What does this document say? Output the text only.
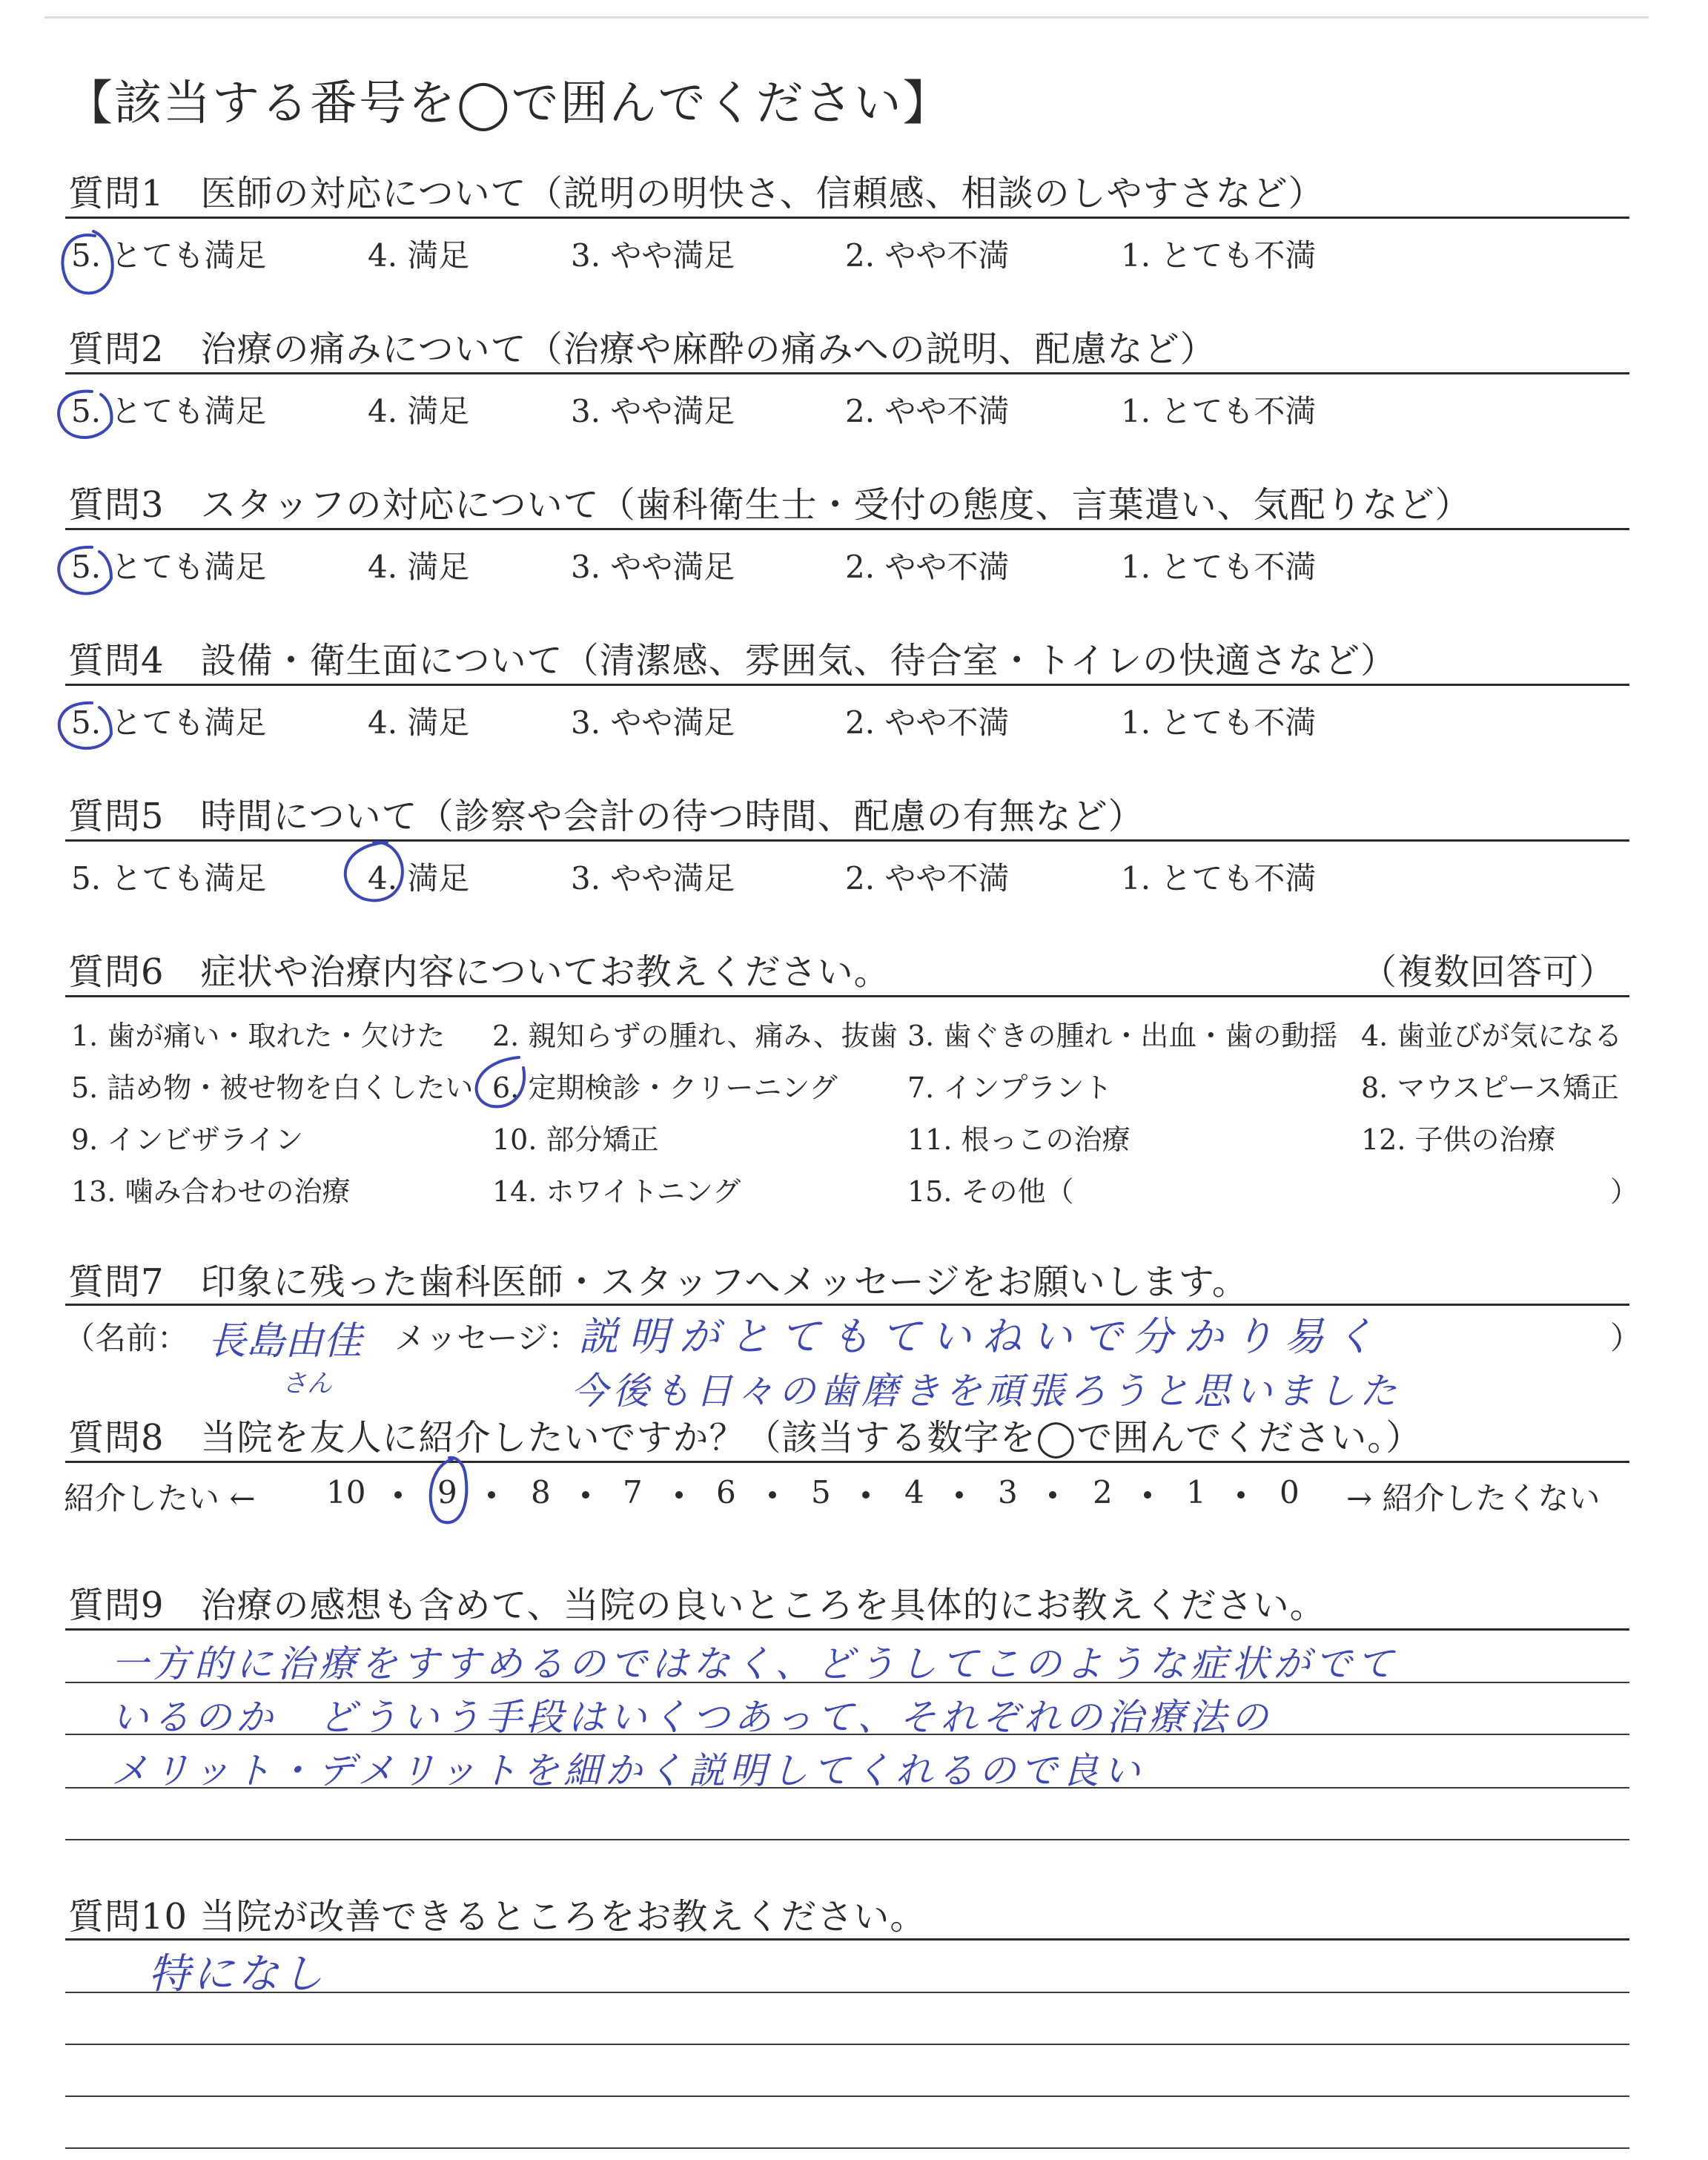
【該当する番号を◯で囲んでください】
質問1　医師の対応について（説明の明快さ、信頼感、相談のしやすさなど）
5. とても満足	4. 満足	3. やや満足	2. やや不満	1. とても不満
質問2　治療の痛みについて（治療や麻酔の痛みへの説明、配慮など）
5. とても満足	4. 満足	3. やや満足	2. やや不満	1. とても不満
質問3　スタッフの対応について（歯科衛生士・受付の態度、言葉遣い、気配りなど）
5. とても満足	4. 満足	3. やや満足	2. やや不満	1. とても不満
質問4　設備・衛生面について（清潔感、雰囲気、待合室・トイレの快適さなど）
5. とても満足	4. 満足	3. やや満足	2. やや不満	1. とても不満
質問5　時間について（診察や会計の待つ時間、配慮の有無など）
5. とても満足	4. 満足	3. やや満足	2. やや不満	1. とても不満
質問6　症状や治療内容についてお教えください。	（複数回答可）
1. 歯が痛い・取れた・欠けた 2. 親知らずの腫れ、痛み、抜歯 3. 歯ぐきの腫れ・出血・歯の動揺 4. 歯並びが気になる
5. 詰め物・被せ物を白くしたい 6. 定期検診・クリーニング 7. インプラント	8. マウスピース矯正
9. インビザライン	10. 部分矯正	11. 根っこの治療	12. 子供の治療
13. 噛み合わせの治療	14. ホワイトニング	15. その他（	）
質問7　印象に残った歯科医師・スタッフへメッセージをお願いします。
（名前：	メッセージ：	）
長島由佳
さん
説明がとてもていねいで分かり易く
今後も日々の歯磨きを頑張ろうと思いました
質問8　当院を友人に紹介したいですか？（該当する数字を◯で囲んでください。）
紹介したい ←	→ 紹介したくない
10 9 8 7 6 5 4 3 2 1 0
質問9　治療の感想も含めて、当院の良いところを具体的にお教えください。
一方的に治療をすすめるのではなく、どうしてこのような症状がでて
いるのか　どういう手段はいくつあって、それぞれの治療法の
メリット・デメリットを細かく説明してくれるので良い
質問10 当院が改善できるところをお教えください。
特になし
